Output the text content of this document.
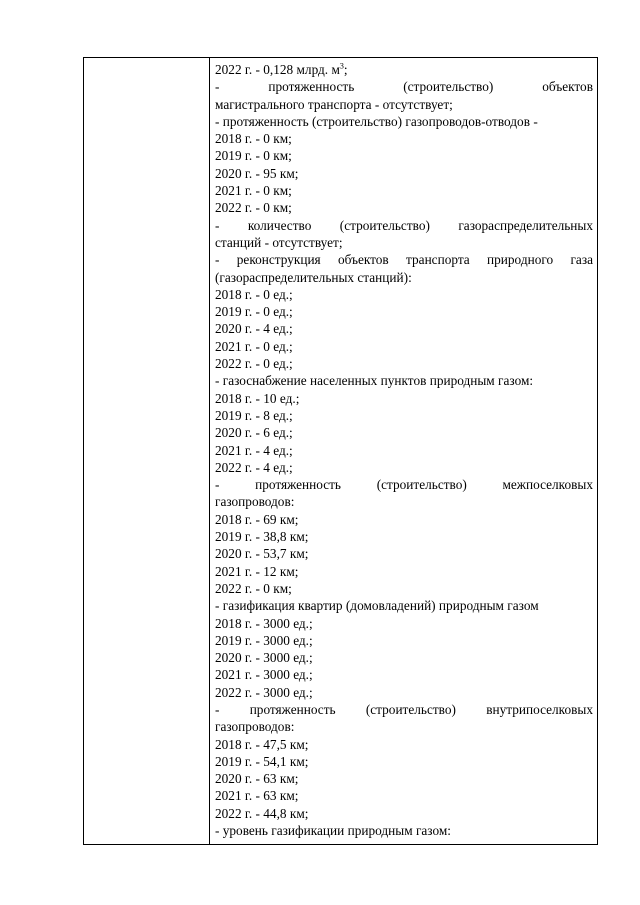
2022 г. - 0,128 млрд. $м^3$;
-	протяженность	(строительство)	объектов
магистрального транспорта - отсутствует;
- протяженность (строительство) газопроводов-отводов -
2018 г. - 0 км;
2019 г. - 0 км;
2020 г. - 95 км;
2021 г. - 0 км;
2022 г. - 0 км;
- количество (строительство) газораспределительных
станций - отсутствует;
- реконструкция объектов транспорта природного газа
(газораспределительных станций):
2018 г. - 0 ед.;
2019 г. - 0 ед.;
2020 г. - 4 ед.;
2021 г. - 0 ед.;
2022 г. - 0 ед.;
- газоснабжение населенных пунктов природным газом:
2018 г. - 10 ед.;
2019 г. - 8 ед.;
2020 г. - 6 ед.;
2021 г. - 4 ед.;
2022 г. - 4 ед.;
-	протяженность	(строительство)	межпоселковых
газопроводов:
2018 г. - 69 км;
2019 г. - 38,8 км;
2020 г. - 53,7 км;
2021 г. - 12 км;
2022 г. - 0 км;
- газификация квартир (домовладений) природным газом
2018 г. - 3000 ед.;
2019 г. - 3000 ед.;
2020 г. - 3000 ед.;
2021 г. - 3000 ед.;
2022 г. - 3000 ед.;
- протяженность (строительство) внутрипоселковых
газопроводов:
2018 г. - 47,5 км;
2019 г. - 54,1 км;
2020 г. - 63 км;
2021 г. - 63 км;
2022 г. - 44,8 км;
- уровень газификации природным газом:
